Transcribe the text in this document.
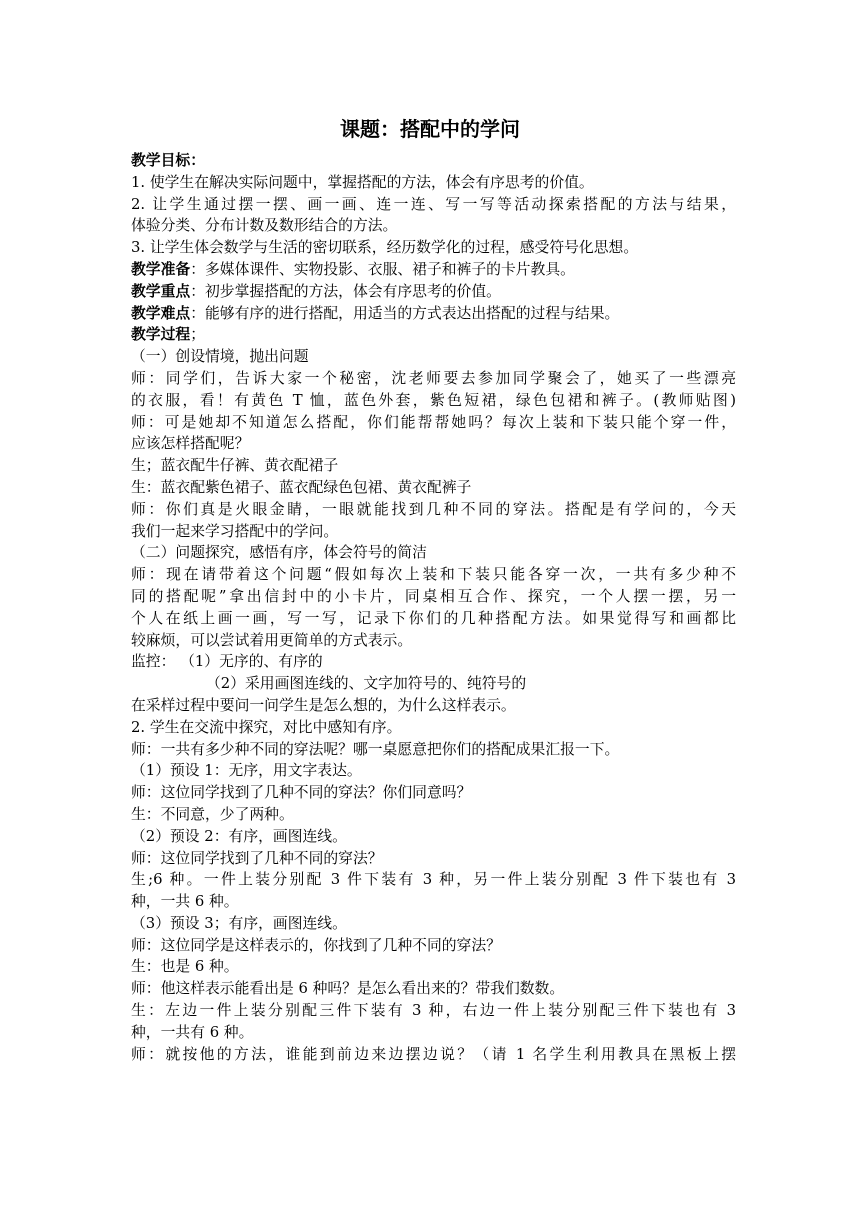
课题：搭配中的学问
教学目标：
1. 使学生在解决实际问题中，掌握搭配的方法，体会有序思考的价值。
2. 让学生通过摆一摆、画一画、连一连、写一写等活动探索搭配的方法与结果，
体验分类、分布计数及数形结合的方法。
3. 让学生体会数学与生活的密切联系，经历数学化的过程，感受符号化思想。
教学准备：多媒体课件、实物投影、衣服、裙子和裤子的卡片教具。
教学重点：初步掌握搭配的方法，体会有序思考的价值。
教学难点：能够有序的进行搭配，用适当的方式表达出搭配的过程与结果。
教学过程；
（一）创设情境，抛出问题
师：同学们，告诉大家一个秘密，沈老师要去参加同学聚会了，她买了一些漂亮
的衣服，看！有黄色 T 恤，蓝色外套，紫色短裙，绿色包裙和裤子。(教师贴图)
师：可是她却不知道怎么搭配，你们能帮帮她吗？每次上装和下装只能个穿一件，
应该怎样搭配呢？
生；蓝衣配牛仔裤、黄衣配裙子
生：蓝衣配紫色裙子、蓝衣配绿色包裙、黄衣配裤子
师：你们真是火眼金睛，一眼就能找到几种不同的穿法。搭配是有学问的，今天
我们一起来学习搭配中的学问。
（二）问题探究，感悟有序，体会符号的简洁
师：现在请带着这个问题“假如每次上装和下装只能各穿一次，一共有多少种不
同的搭配呢”拿出信封中的小卡片，同桌相互合作、探究，一个人摆一摆，另一
个人在纸上画一画，写一写，记录下你们的几种搭配方法。如果觉得写和画都比
较麻烦，可以尝试着用更简单的方式表示。
监控： （1）无序的、有序的
（2）采用画图连线的、文字加符号的、纯符号的
在采样过程中要问一问学生是怎么想的，为什么这样表示。
2. 学生在交流中探究，对比中感知有序。
师：一共有多少种不同的穿法呢？哪一桌愿意把你们的搭配成果汇报一下。
（1）预设 1：无序，用文字表达。
师：这位同学找到了几种不同的穿法？你们同意吗？
生：不同意，少了两种。
（2）预设 2：有序，画图连线。
师：这位同学找到了几种不同的穿法？
生;6 种。一件上装分别配 3 件下装有 3 种，另一件上装分别配 3 件下装也有 3
种，一共 6 种。
（3）预设 3；有序，画图连线。
师：这位同学是这样表示的，你找到了几种不同的穿法？
生：也是 6 种。
师：他这样表示能看出是 6 种吗？是怎么看出来的？带我们数数。
生：左边一件上装分别配三件下装有 3 种，右边一件上装分别配三件下装也有 3
种，一共有 6 种。
师：就按他的方法，谁能到前边来边摆边说？（请 1 名学生利用教具在黑板上摆
